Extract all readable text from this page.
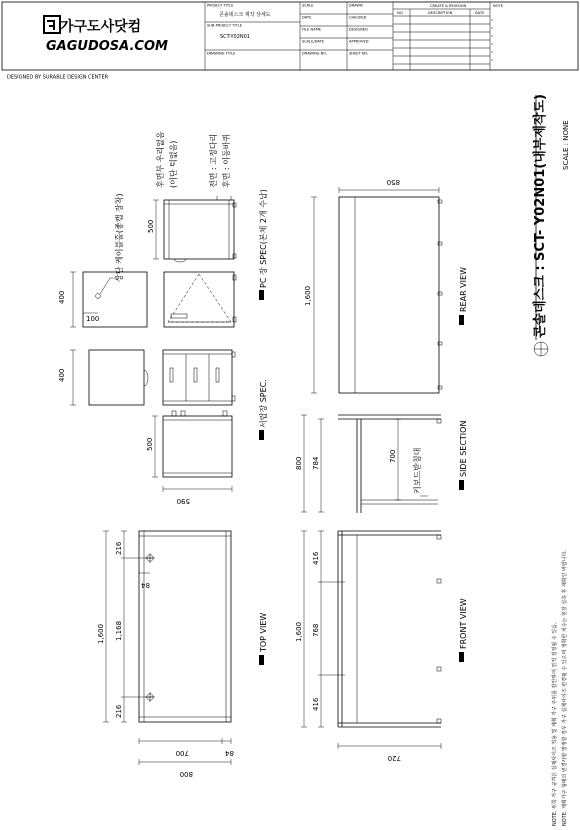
PROJECT TITLE
콘솔데스크 제작 상세도
SUB-PROJECT TITLE
SCT-Y02N01
DRAWING TITLE
SCALE
DATE
FILE NAME
SCALE/DATE
DRAWING NO.
DRAWN
CHECKED
DESIGNED
APPROVED
SHEET NO.
CREATE & REVISION
NO.	DESCRIPTION	DATE
NOTE
가구도사닷컴
GAGUDOSA.COM
DESIGNED BY SURABLE DESIGN CENTER
500
400
100
상단 케이블홀(좋캡 장착)
후면부 우리없음 (이단 턱없음)	전면 : 고정다리 후면 : 이동바퀴
PC 장 SPEC(본체 2개 수납)
400
500
590
서랍장 SPEC.
1,600
216
1,168
216
84
700	84
800
TOP VIEW
1,600
850
REAR VIEW
800 784
700 키보드받침대	SIDE SECTION
1,600
416
768
416
720
FRONT VIEW
콘솔데스크 : SCT- Y02N01(내부제작도) SCALE : NONE
NOTE. 위쪽 가구 규격은 실제사이즈 적용 및 계획 가구 주위를 감안하여 면적 설정될 수 있음. NOTE. 계획가구 형태의 변경사항 발생할 경우 가구 실제사이즈 변경될 수 있으며 정확한 치수는 현장 실측 후 재확인 바랍니다.
